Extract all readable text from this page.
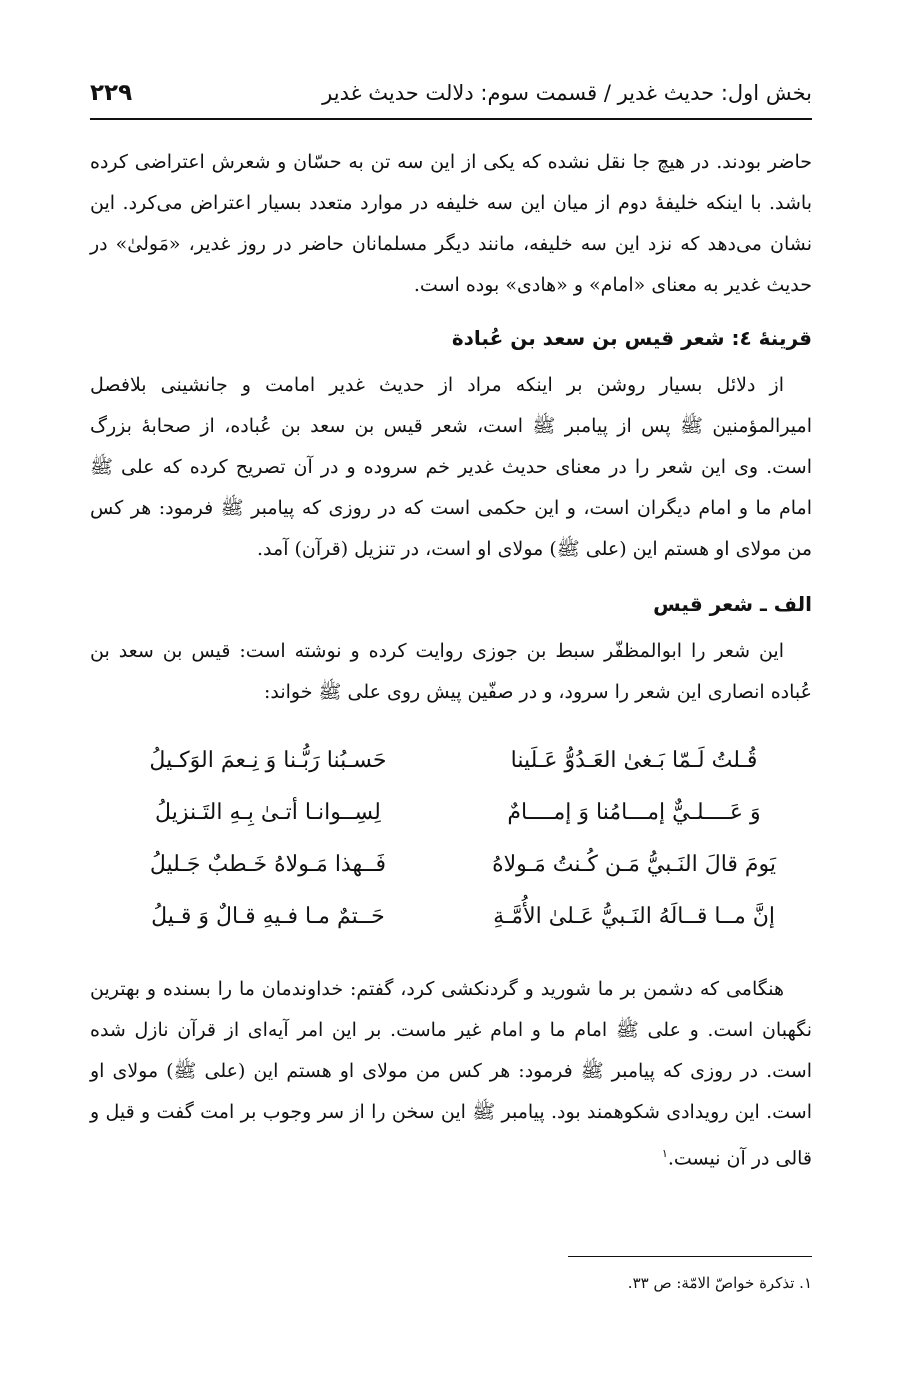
بخش اول: حدیث غدیر / قسمت سوم: دلالت حدیث غدیر
۲۲۹

حاضر بودند. در هیچ جا نقل نشده که یکی از این سه تن به حسّان و شعرش اعتراضی کرده باشد. با اینکه خلیفهٔ دوم از میان این سه خلیفه در موارد متعدد بسیار اعتراض می‌کرد. این نشان می‌دهد که نزد این سه خلیفه، مانند دیگر مسلمانان حاضر در روز غدیر، «مَولیٰ» در حدیث غدیر به معنای «امام» و «هادی» بوده است.

قرینهٔ ٤: شعر قیس بن سعد بن عُبادة

از دلائل بسیار روشن بر اینکه مراد از حدیث غدیر امامت و جانشینی بلافصل امیرالمؤمنین ﷺ پس از پیامبر ﷺ است، شعر قیس بن سعد بن عُباده، از صحابهٔ بزرگ است. وی این شعر را در معنای حدیث غدیر خم سروده و در آن تصریح کرده که علی ﷺ امام ما و امام دیگران است، و این حکمی است که در روزی که پیامبر ﷺ فرمود: هر کس من مولای او هستم این (علی ﷺ) مولای او است، در تنزیل (قرآن) آمد.

الف ـ شعر قیس

این شعر را ابوالمظفّر سبط بن جوزی روایت کرده و نوشته است: قیس بن سعد بن عُباده انصاری این شعر را سرود، و در صفّین پیش روی علی ﷺ خواند:

قُـلتُ لَـمّا بَـغىٰ العَـدُوُّ عَـلَينا
حَسـبُنا رَبُّـنا وَ نِـعمَ الوَكـيلُ
وَ عَــــلـيٌّ إمـــامُنا وَ إمــــامٌ
لِسِــوانـا أتـىٰ بِـهِ التَـنزيلُ
يَومَ قالَ النَـبيُّ مَـن كُـنتُ مَـولاهُ
فَــهذا مَـولاهُ خَـطبٌ جَـليلُ
إنَّ مــا قــالَهُ النَـبيُّ عَـلىٰ الأُمَّـةِ
حَــتمٌ مـا فـيهِ قـالٌ وَ قـيلُ

هنگامی که دشمن بر ما شورید و گردنکشی کرد، گفتم: خداوندمان ما را بسنده و بهترین نگهبان است. و علی ﷺ امام ما و امام غیر ماست. بر این امر آیه‌ای از قرآن نازل شده است. در روزی که پیامبر ﷺ فرمود: هر کس من مولای او هستم این (علی ﷺ) مولای او است. این رویدادی شکوهمند بود. پیامبر ﷺ این سخن را از سر وجوب بر امت گفت و قیل و قالی در آن نیست.$^۱$

۱. تذکرة خواصّ الامّة: ص ۳۳.
